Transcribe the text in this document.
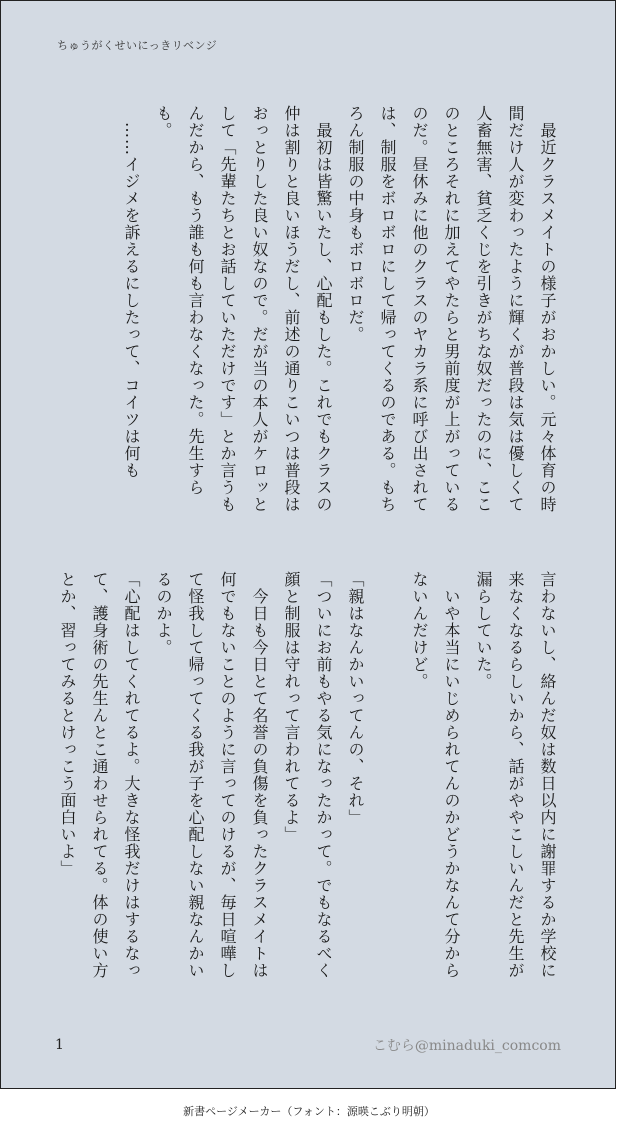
ちゅうがくせいにっきリベンジ
　最近クラスメイトの様子がおかしい。元々体育の時間だけ人が変わったように輝くが普段は気は優しくて人畜無害、貧乏くじを引きがちな奴だったのに、ここのところそれに加えてやたらと男前度が上がっているのだ。昼休みに他のクラスのヤカラ系に呼び出されては、制服をボロボロにして帰ってくるのである。もちろん制服の中身もボロボロだ。
　最初は皆驚いたし、心配もした。これでもクラスの仲は割りと良いほうだし、前述の通りこいつは普段はおっとりした良い奴なので。だが当の本人がケロッとして「先輩たちとお話していただけです」とか言うもんだから、もう誰も何も言わなくなった。先生すらも。
　……イジメを訴えるにしたって、コイツは何も
言わないし、絡んだ奴は数日以内に謝罪するか学校に来なくなるらしいから、話がややこしいんだと先生が漏らしていた。
　いや本当にいじめられてんのかどうかなんて分からないんだけど。

「親はなんかいってんの、それ」
「ついにお前もやる気になったかって。でもなるべく顔と制服は守れって言われてるよ」
　今日も今日とて名誉の負傷を負ったクラスメイトは何でもないことのように言ってのけるが、毎日喧嘩して怪我して帰ってくる我が子を心配しない親なんかいるのかよ。
「心配はしてくれてるよ。大きな怪我だけはするなって、護身術の先生んとこ通わせられてる。体の使い方とか、習ってみるとけっこう面白いよ」
1	こむら@minaduki_comcom
新書ページメーカー（フォント：源暎こぶり明朝）
